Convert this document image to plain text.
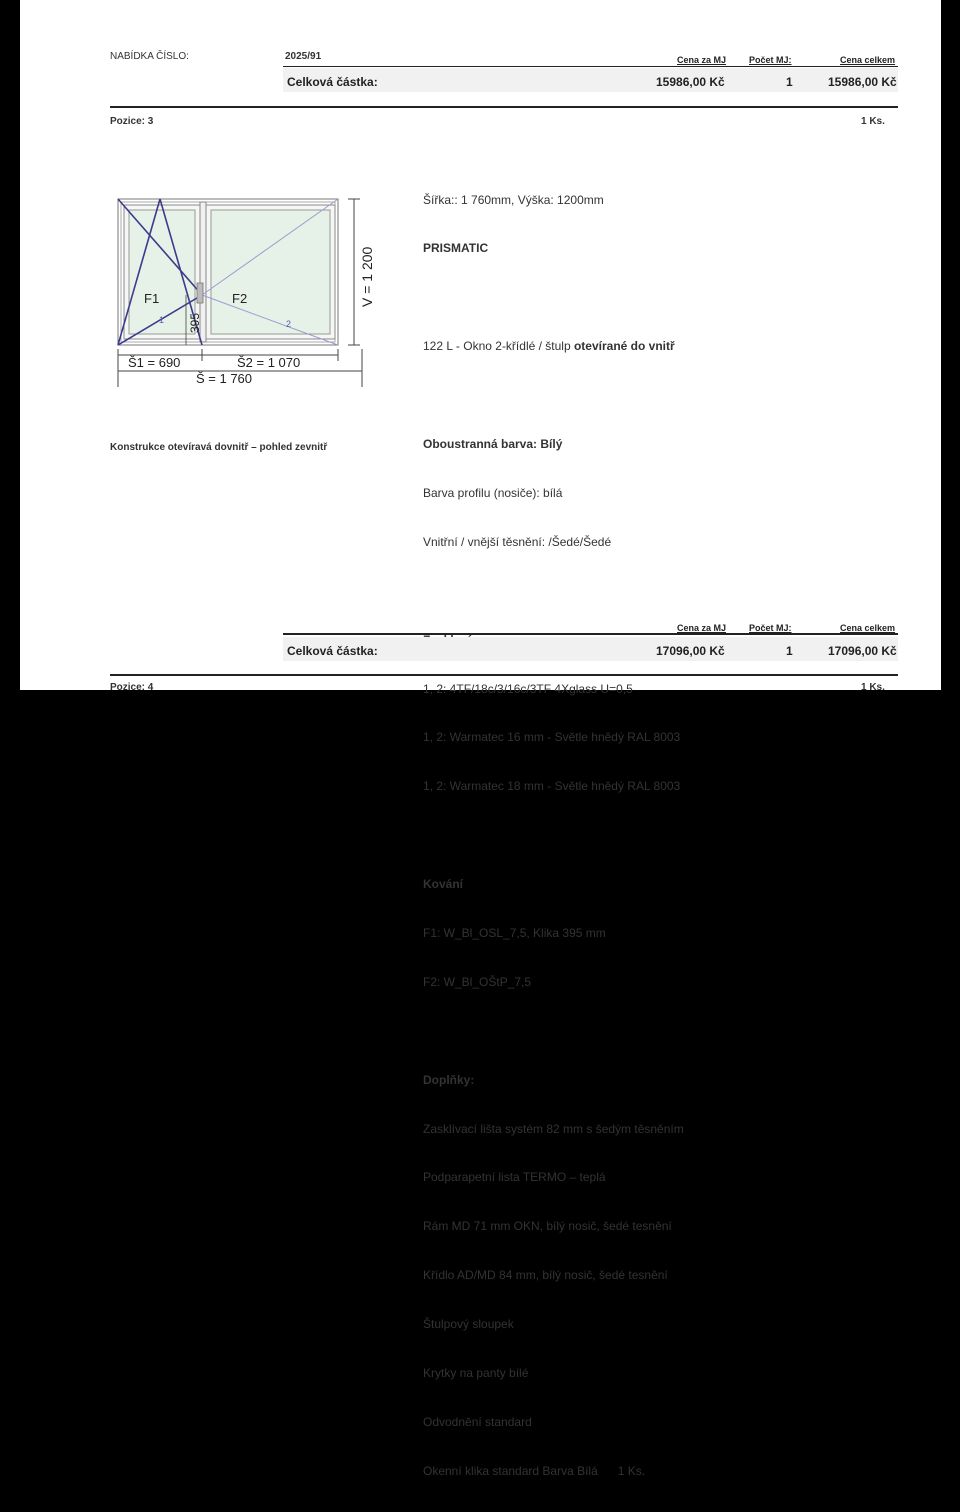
NABÍDKA ČÍSLO:	2025/91	Cena za MJ	Počet MJ:	Cena celkem
Celková částka:	15986,00 Kč	1	15986,00 Kč
Pozice: 3	1 Ks.
F1	F2
1	2
395
V = 1 200
Š1 = 690	Š2 = 1 070
Š = 1 760
Konstrukce otevíravá dovnitř – pohled zevnitř

Šířka:: 1 760mm, Výška: 1200mm

PRISMATIC

122 L - Okno 2-křídlé / štulp otevírané do vnitř

Oboustranná barva: Bílý

Barva profilu (nosiče): bílá

Vnitřní / vnější těsnění: /Šedé/Šedé

1, 2: 4TF/18c/3/16c/3TF 4Xglass U=0,5

1, 2: Warmatec 16 mm - Světle hnědý RAL 8003

1, 2: Warmatec 18 mm - Světle hnědý RAL 8003

Kování

F1: W_Bl_OSL_7,5, Klika 395 mm

F2: W_Bl_OŠtP_7,5

Doplňky:

Zasklívací lišta systém 82 mm s šedým těsněním

Podparapetní lista TERMO – teplá

Rám MD 71 mm OKN, bílý nosič, šedé tesnění

Křídlo AD/MD 84 mm, bílý nosič, šedé tesnění

Štulpový sloupek

Krytky na panty bílé

Odvodnění standard

Okenní klika standard Barva Bílá      1 Ks.

Cena za MJ	Počet MJ:	Cena celkem
Celková částka:	17096,00 Kč	1	17096,00 Kč
Pozice: 4	1 Ks.
